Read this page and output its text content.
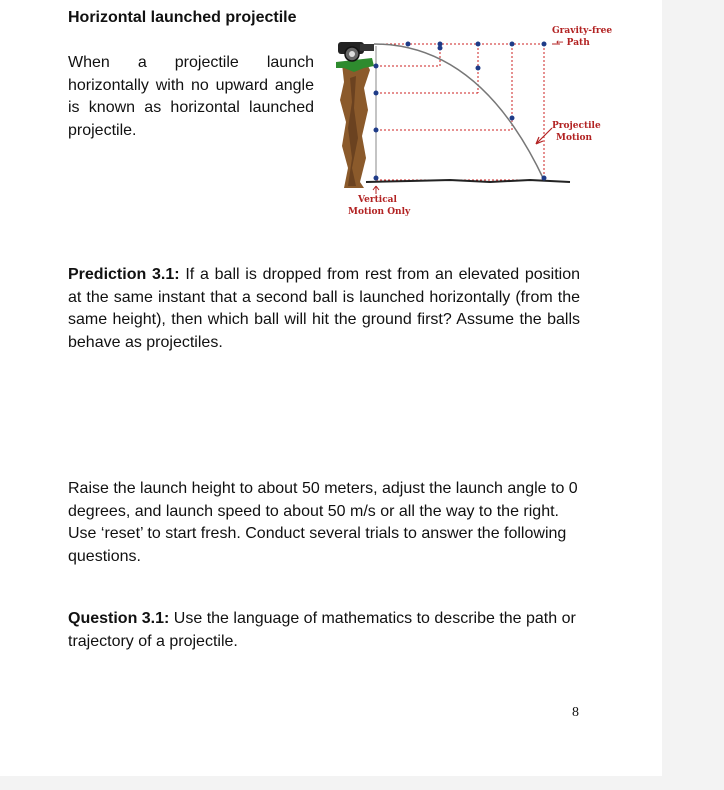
Horizontal launched projectile
When a projectile launch horizontally with no upward angle is known as horizontal launched projectile.
Gravity-free
← Path
Projectile
Motion
Vertical
Motion Only
Prediction 3.1: If a ball is dropped from rest from an elevated position at the same instant that a second ball is launched horizontally (from the same height), then which ball will hit the ground first? Assume the balls behave as projectiles.
Raise the launch height to about 50 meters, adjust the launch angle to 0 degrees, and launch speed to about 50 m/s or all the way to the right. Use ‘reset’ to start fresh. Conduct several trials to answer the following questions.
Question 3.1: Use the language of mathematics to describe the path or trajectory of a projectile.
8
